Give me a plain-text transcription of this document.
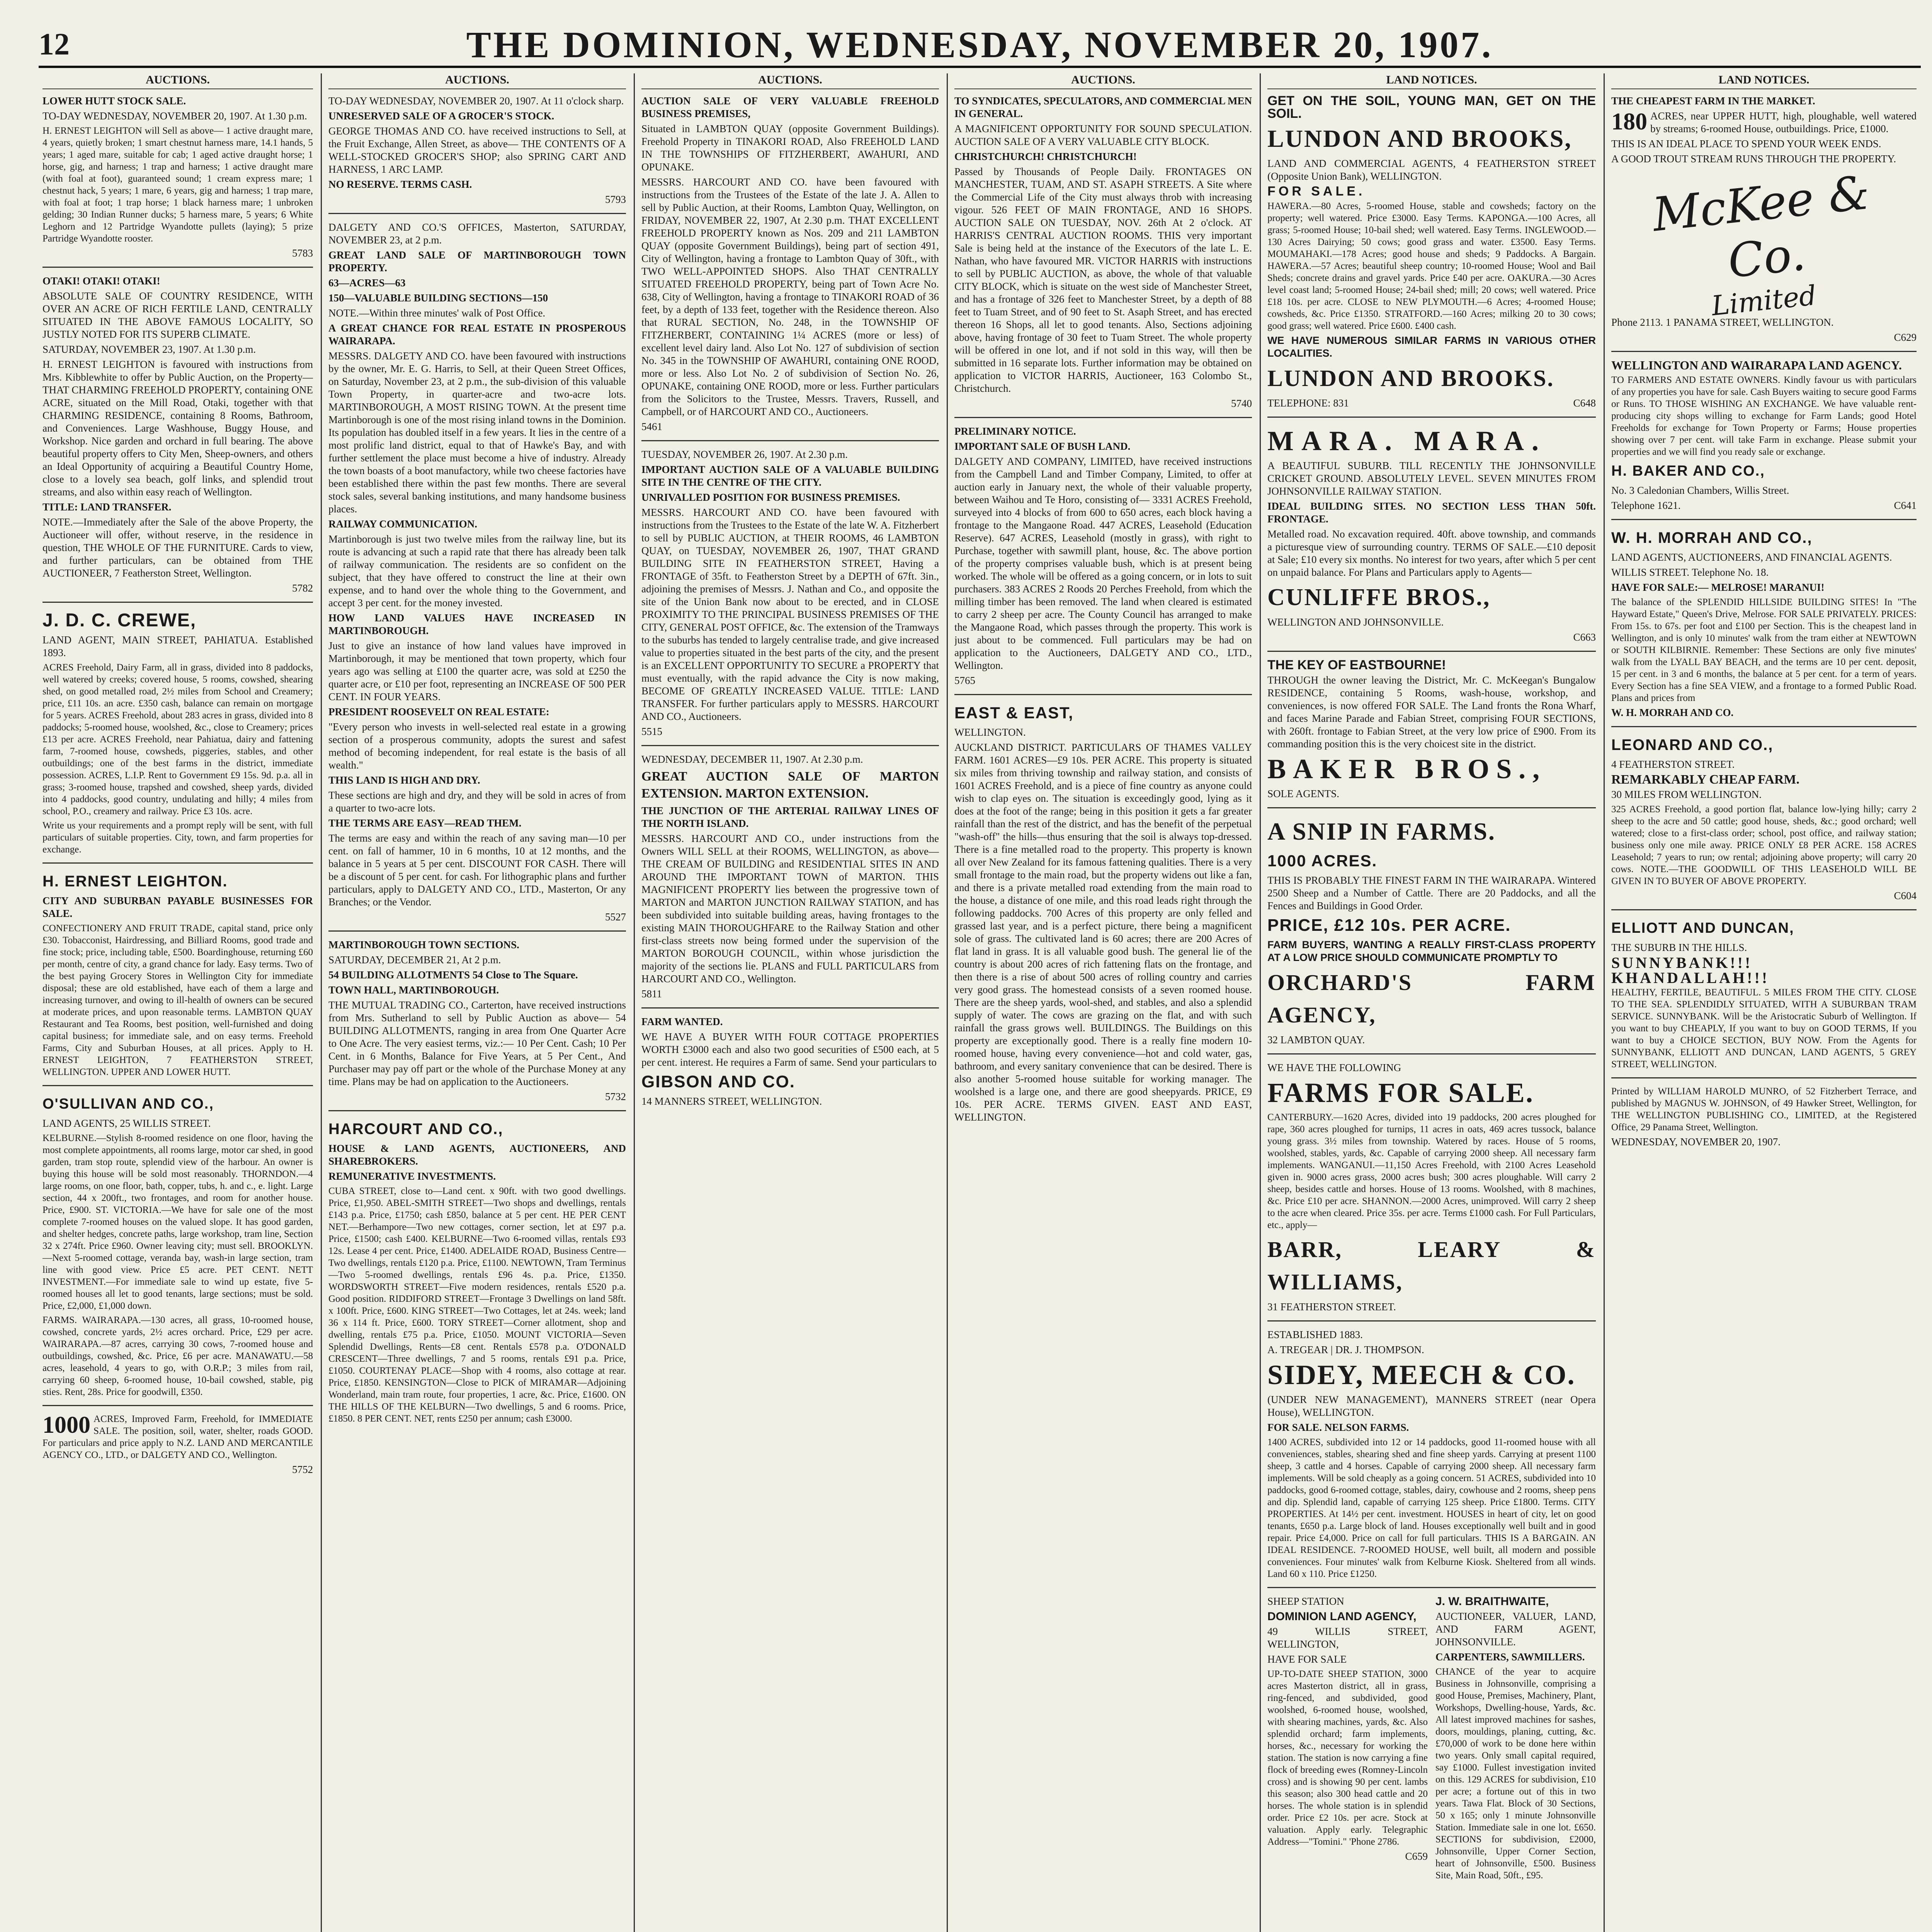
12	THE DOMINION, WEDNESDAY, NOVEMBER 20, 1907.
AUCTIONS.

LOWER HUTT STOCK SALE.

TO-DAY WEDNESDAY, NOVEMBER 20, 1907. At 1.30 p.m.

H. ERNEST LEIGHTON will Sell as above— 1 active draught mare, 4 years, quietly broken; 1 smart chestnut harness mare, 14.1 hands, 5 years; 1 aged mare, suitable for cab; 1 aged active draught horse; 1 horse, gig, and harness; 1 trap and harness; 1 active draught mare (with foal at foot), guaranteed sound; 1 cream express mare; 1 chestnut hack, 5 years; 1 mare, 6 years, gig and harness; 1 trap mare, with foal at foot; 1 trap horse; 1 black harness mare; 1 unbroken gelding; 30 Indian Runner ducks; 5 harness mare, 5 years; 6 White Leghorn and 12 Partridge Wyandotte pullets (laying); 5 prize Partridge Wyandotte rooster.

5783

OTAKI! OTAKI! OTAKI!

ABSOLUTE SALE OF COUNTRY RESIDENCE, WITH OVER AN ACRE OF RICH FERTILE LAND, CENTRALLY SITUATED IN THE ABOVE FAMOUS LOCALITY, SO JUSTLY NOTED FOR ITS SUPERB CLIMATE.

SATURDAY, NOVEMBER 23, 1907. At 1.30 p.m.

H. ERNEST LEIGHTON is favoured with instructions from Mrs. Kibblewhite to offer by Public Auction, on the Property— THAT CHARMING FREEHOLD PROPERTY, containing ONE ACRE, situated on the Mill Road, Otaki, together with that CHARMING RESIDENCE, containing 8 Rooms, Bathroom, and Conveniences. Large Washhouse, Buggy House, and Workshop. Nice garden and orchard in full bearing. The above beautiful property offers to City Men, Sheep-owners, and others an Ideal Opportunity of acquiring a Beautiful Country Home, close to a lovely sea beach, golf links, and splendid trout streams, and also within easy reach of Wellington.

TITLE: LAND TRANSFER.

NOTE.—Immediately after the Sale of the above Property, the Auctioneer will offer, without reserve, in the residence in question, THE WHOLE OF THE FURNITURE. Cards to view, and further particulars, can be obtained from THE AUCTIONEER, 7 Featherston Street, Wellington.

5782

J. D. C. CREWE,

LAND AGENT, MAIN STREET, PAHIATUA. Established 1893.

ACRES Freehold, Dairy Farm, all in grass, divided into 8 paddocks, well watered by creeks; covered house, 5 rooms, cowshed, shearing shed, on good metalled road, 2½ miles from School and Creamery; price, £11 10s. an acre. £350 cash, balance can remain on mortgage for 5 years. ACRES Freehold, about 283 acres in grass, divided into 8 paddocks; 5-roomed house, woolshed, &c., close to Creamery; prices £13 per acre. ACRES Freehold, near Pahiatua, dairy and fattening farm, 7-roomed house, cowsheds, piggeries, stables, and other outbuildings; one of the best farms in the district, immediate possession. ACRES, L.I.P. Rent to Government £9 15s. 9d. p.a. all in grass; 3-roomed house, trapshed and cowshed, sheep yards, divided into 4 paddocks, good country, undulating and hilly; 4 miles from school, P.O., creamery and railway. Price £3 10s. acre.

Write us your requirements and a prompt reply will be sent, with full particulars of suitable properties. City, town, and farm properties for exchange.

H. ERNEST LEIGHTON.

CITY AND SUBURBAN PAYABLE BUSINESSES FOR SALE.

CONFECTIONERY AND FRUIT TRADE, capital stand, price only £30. Tobacconist, Hairdressing, and Billiard Rooms, good trade and fine stock; price, including table, £500. Boardinghouse, returning £60 per month, centre of city, a grand chance for lady. Easy terms. Two of the best paying Grocery Stores in Wellington City for immediate disposal; these are old established, have each of them a large and increasing turnover, and owing to ill-health of owners can be secured at moderate prices, and upon reasonable terms. LAMBTON QUAY Restaurant and Tea Rooms, best position, well-furnished and doing capital business; for immediate sale, and on easy terms. Freehold Farms, City and Suburban Houses, at all prices. Apply to H. ERNEST LEIGHTON, 7 FEATHERSTON STREET, WELLINGTON. UPPER AND LOWER HUTT.

O'SULLIVAN AND CO.,

LAND AGENTS, 25 WILLIS STREET.

KELBURNE.—Stylish 8-roomed residence on one floor, having the most complete appointments, all rooms large, motor car shed, in good garden, tram stop route, splendid view of the harbour. An owner is buying this house will be sold most reasonably. THORNDON.—4 large rooms, on one floor, bath, copper, tubs, h. and c., e. light. Large section, 44 x 200ft., two frontages, and room for another house. Price, £900. ST. VICTORIA.—We have for sale one of the most complete 7-roomed houses on the valued slope. It has good garden, and shelter hedges, concrete paths, large workshop, tram line, Section 32 x 274ft. Price £960. Owner leaving city; must sell. BROOKLYN.—Next 5-roomed cottage, veranda bay, wash-in large section, tram line with good view. Price £5 acre. PET CENT. NETT INVESTMENT.—For immediate sale to wind up estate, five 5-roomed houses all let to good tenants, large sections; must be sold. Price, £2,000, £1,000 down.

FARMS. WAIRARAPA.—130 acres, all grass, 10-roomed house, cowshed, concrete yards, 2½ acres orchard. Price, £29 per acre. WAIRARAPA.—87 acres, carrying 30 cows, 7-roomed house and outbuildings, cowshed, &c. Price, £6 per acre. MANAWATU.—58 acres, leasehold, 4 years to go, with O.R.P.; 3 miles from rail, carrying 60 sheep, 6-roomed house, 10-bail cowshed, stable, pig sties. Rent, 28s. Price for goodwill, £350.

1000 ACRES, Improved Farm, Freehold, for IMMEDIATE SALE. The position, soil, water, shelter, roads GOOD. For particulars and price apply to N.Z. LAND AND MERCANTILE AGENCY CO., LTD., or DALGETY AND CO., Wellington.

5752

AUCTIONS.

TO-DAY WEDNESDAY, NOVEMBER 20, 1907. At 11 o'clock sharp.

UNRESERVED SALE OF A GROCER'S STOCK.

GEORGE THOMAS AND CO. have received instructions to Sell, at the Fruit Exchange, Allen Street, as above— THE CONTENTS OF A WELL-STOCKED GROCER'S SHOP; also SPRING CART AND HARNESS, 1 ARC LAMP.

NO RESERVE. TERMS CASH.

5793

DALGETY AND CO.'S OFFICES, Masterton, SATURDAY, NOVEMBER 23, at 2 p.m.

GREAT LAND SALE OF MARTINBOROUGH TOWN PROPERTY.

63—ACRES—63

150—VALUABLE BUILDING SECTIONS—150

NOTE.—Within three minutes' walk of Post Office.

A GREAT CHANCE FOR REAL ESTATE IN PROSPEROUS WAIRARAPA.

MESSRS. DALGETY AND CO. have been favoured with instructions by the owner, Mr. E. G. Harris, to Sell, at their Queen Street Offices, on Saturday, November 23, at 2 p.m., the sub-division of this valuable Town Property, in quarter-acre and two-acre lots. MARTINBOROUGH, A MOST RISING TOWN. At the present time Martinborough is one of the most rising inland towns in the Dominion. Its population has doubled itself in a few years. It lies in the centre of a most prolific land district, equal to that of Hawke's Bay, and with further settlement the place must become a hive of industry. Already the town boasts of a boot manufactory, while two cheese factories have been established there within the past few months. There are several stock sales, several banking institutions, and many handsome business places.

RAILWAY COMMUNICATION.

Martinborough is just two twelve miles from the railway line, but its route is advancing at such a rapid rate that there has already been talk of railway communication. The residents are so confident on the subject, that they have offered to construct the line at their own expense, and to hand over the whole thing to the Government, and accept 3 per cent. for the money invested.

HOW LAND VALUES HAVE INCREASED IN MARTINBOROUGH.

Just to give an instance of how land values have improved in Martinborough, it may be mentioned that town property, which four years ago was selling at £100 the quarter acre, was sold at £250 the quarter acre, or £10 per foot, representing an INCREASE OF 500 PER CENT. IN FOUR YEARS.

PRESIDENT ROOSEVELT ON REAL ESTATE:

"Every person who invests in well-selected real estate in a growing section of a prosperous community, adopts the surest and safest method of becoming independent, for real estate is the basis of all wealth."

THIS LAND IS HIGH AND DRY.

These sections are high and dry, and they will be sold in acres of from a quarter to two-acre lots.

THE TERMS ARE EASY—READ THEM.

The terms are easy and within the reach of any saving man—10 per cent. on fall of hammer, 10 in 6 months, 10 at 12 months, and the balance in 5 years at 5 per cent. DISCOUNT FOR CASH. There will be a discount of 5 per cent. for cash. For lithographic plans and further particulars, apply to DALGETY AND CO., LTD., Masterton, Or any Branches; or the Vendor.

5527

MARTINBOROUGH TOWN SECTIONS.

SATURDAY, DECEMBER 21, At 2 p.m.

54 BUILDING ALLOTMENTS 54 Close to The Square.

TOWN HALL, MARTINBOROUGH.

THE MUTUAL TRADING CO., Carterton, have received instructions from Mrs. Sutherland to sell by Public Auction as above— 54 BUILDING ALLOTMENTS, ranging in area from One Quarter Acre to One Acre. The very easiest terms, viz.:— 10 Per Cent. Cash; 10 Per Cent. in 6 Months, Balance for Five Years, at 5 Per Cent., And Purchaser may pay off part or the whole of the Purchase Money at any time. Plans may be had on application to the Auctioneers.

5732

HARCOURT AND CO.,

HOUSE & LAND AGENTS, AUCTIONEERS, AND SHAREBROKERS.

REMUNERATIVE INVESTMENTS.

CUBA STREET, close to—Land cent. x 90ft. with two good dwellings. Price, £1,950. ABEL-SMITH STREET—Two shops and dwellings, rentals £143 p.a. Price, £1750; cash £850, balance at 5 per cent. HE PER CENT NET.—Berhampore—Two new cottages, corner section, let at £97 p.a. Price, £1500; cash £400. KELBURNE—Two 6-roomed villas, rentals £93 12s. Lease 4 per cent. Price, £1400. ADELAIDE ROAD, Business Centre—Two dwellings, rentals £120 p.a. Price, £1100. NEWTOWN, Tram Terminus—Two 5-roomed dwellings, rentals £96 4s. p.a. Price, £1350. WORDSWORTH STREET—Five modern residences, rentals £520 p.a. Good position. RIDDIFORD STREET—Frontage 3 Dwellings on land 58ft. x 100ft. Price, £600. KING STREET—Two Cottages, let at 24s. week; land 36 x 114 ft. Price, £600. TORY STREET—Corner allotment, shop and dwelling, rentals £75 p.a. Price, £1050. MOUNT VICTORIA—Seven Splendid Dwellings, Rents—£8 cent. Rentals £578 p.a. O'DONALD CRESCENT—Three dwellings, 7 and 5 rooms, rentals £91 p.a. Price, £1050. COURTENAY PLACE—Shop with 4 rooms, also cottage at rear. Price, £1850. KENSINGTON—Close to PICK of MIRAMAR—Adjoining Wonderland, main tram route, four properties, 1 acre, &c. Price, £1600. ON THE HILLS OF THE KELBURN—Two dwellings, 5 and 6 rooms. Price, £1850. 8 PER CENT. NET, rents £250 per annum; cash £3000.

AUCTIONS.

AUCTION SALE OF VERY VALUABLE FREEHOLD BUSINESS PREMISES,

Situated in LAMBTON QUAY (opposite Government Buildings). Freehold Property in TINAKORI ROAD, Also FREEHOLD LAND IN THE TOWNSHIPS OF FITZHERBERT, AWAHURI, AND OPUNAKE.

MESSRS. HARCOURT AND CO. have been favoured with instructions from the Trustees of the Estate of the late J. A. Allen to sell by Public Auction, at their Rooms, Lambton Quay, Wellington, on FRIDAY, NOVEMBER 22, 1907, At 2.30 p.m. THAT EXCELLENT FREEHOLD PROPERTY known as Nos. 209 and 211 LAMBTON QUAY (opposite Government Buildings), being part of section 491, City of Wellington, having a frontage to Lambton Quay of 30ft., with TWO WELL-APPOINTED SHOPS. Also THAT CENTRALLY SITUATED FREEHOLD PROPERTY, being part of Town Acre No. 638, City of Wellington, having a frontage to TINAKORI ROAD of 36 feet, by a depth of 133 feet, together with the Residence thereon. Also that RURAL SECTION, No. 248, in the TOWNSHIP OF FITZHERBERT, CONTAINING 1¼ ACRES (more or less) of excellent level dairy land. Also Lot No. 127 of subdivision of section No. 345 in the TOWNSHIP OF AWAHURI, containing ONE ROOD, more or less. Also Lot No. 2 of subdivision of Section No. 26, OPUNAKE, containing ONE ROOD, more or less. Further particulars from the Solicitors to the Trustee, Messrs. Travers, Russell, and Campbell, or of HARCOURT AND CO., Auctioneers.

5461

TUESDAY, NOVEMBER 26, 1907. At 2.30 p.m.

IMPORTANT AUCTION SALE OF A VALUABLE BUILDING SITE IN THE CENTRE OF THE CITY.

UNRIVALLED POSITION FOR BUSINESS PREMISES.

MESSRS. HARCOURT AND CO. have been favoured with instructions from the Trustees to the Estate of the late W. A. Fitzherbert to sell by PUBLIC AUCTION, at THEIR ROOMS, 46 LAMBTON QUAY, on TUESDAY, NOVEMBER 26, 1907, THAT GRAND BUILDING SITE IN FEATHERSTON STREET, Having a FRONTAGE of 35ft. to Featherston Street by a DEPTH of 67ft. 3in., adjoining the premises of Messrs. J. Nathan and Co., and opposite the site of the Union Bank now about to be erected, and in CLOSE PROXIMITY TO THE PRINCIPAL BUSINESS PREMISES OF THE CITY, GENERAL POST OFFICE, &c. The extension of the Tramways to the suburbs has tended to largely centralise trade, and give increased value to properties situated in the best parts of the city, and the present is an EXCELLENT OPPORTUNITY TO SECURE a PROPERTY that must eventually, with the rapid advance the City is now making, BECOME OF GREATLY INCREASED VALUE. TITLE: LAND TRANSFER. For further particulars apply to MESSRS. HARCOURT AND CO., Auctioneers.

5515

WEDNESDAY, DECEMBER 11, 1907. At 2.30 p.m.

GREAT AUCTION SALE OF MARTON EXTENSION. MARTON EXTENSION.

THE JUNCTION OF THE ARTERIAL RAILWAY LINES OF THE NORTH ISLAND.

MESSRS. HARCOURT AND CO., under instructions from the Owners WILL SELL at their ROOMS, WELLINGTON, as above— THE CREAM OF BUILDING and RESIDENTIAL SITES IN AND AROUND THE IMPORTANT TOWN of MARTON. THIS MAGNIFICENT PROPERTY lies between the progressive town of MARTON and MARTON JUNCTION RAILWAY STATION, and has been subdivided into suitable building areas, having frontages to the existing MAIN THOROUGHFARE to the Railway Station and other first-class streets now being formed under the supervision of the MARTON BOROUGH COUNCIL, within whose jurisdiction the majority of the sections lie. PLANS and FULL PARTICULARS from HARCOURT AND CO., Wellington.

5811

FARM WANTED.

WE HAVE A BUYER WITH FOUR COTTAGE PROPERTIES WORTH £3000 each and also two good securities of £500 each, at 5 per cent. interest. He requires a Farm of same. Send your particulars to

GIBSON AND CO.

14 MANNERS STREET, WELLINGTON.

AUCTIONS.

TO SYNDICATES, SPECULATORS, AND COMMERCIAL MEN IN GENERAL.

A MAGNIFICENT OPPORTUNITY FOR SOUND SPECULATION. AUCTION SALE OF A VERY VALUABLE CITY BLOCK.

CHRISTCHURCH! CHRISTCHURCH!

Passed by Thousands of People Daily. FRONTAGES ON MANCHESTER, TUAM, AND ST. ASAPH STREETS. A Site where the Commercial Life of the City must always throb with increasing vigour. 526 FEET OF MAIN FRONTAGE, AND 16 SHOPS. AUCTION SALE ON TUESDAY, NOV. 26th At 2 o'clock. AT HARRIS'S CENTRAL AUCTION ROOMS. THIS very important Sale is being held at the instance of the Executors of the late L. E. Nathan, who have favoured MR. VICTOR HARRIS with instructions to sell by PUBLIC AUCTION, as above, the whole of that valuable CITY BLOCK, which is situate on the west side of Manchester Street, and has a frontage of 326 feet to Manchester Street, by a depth of 88 feet to Tuam Street, and of 90 feet to St. Asaph Street, and has erected thereon 16 Shops, all let to good tenants. Also, Sections adjoining above, having frontage of 30 feet to Tuam Street. The whole property will be offered in one lot, and if not sold in this way, will then be submitted in 16 separate lots. Further information may be obtained on application to VICTOR HARRIS, Auctioneer, 163 Colombo St., Christchurch.

5740

PRELIMINARY NOTICE.

IMPORTANT SALE OF BUSH LAND.

DALGETY AND COMPANY, LIMITED, have received instructions from the Campbell Land and Timber Company, Limited, to offer at auction early in January next, the whole of their valuable property, between Waihou and Te Horo, consisting of— 3331 ACRES Freehold, surveyed into 4 blocks of from 600 to 650 acres, each block having a frontage to the Mangaone Road. 447 ACRES, Leasehold (Education Reserve). 647 ACRES, Leasehold (mostly in grass), with right to Purchase, together with sawmill plant, house, &c. The above portion of the property comprises valuable bush, which is at present being worked. The whole will be offered as a going concern, or in lots to suit purchasers. 383 ACRES 2 Roods 20 Perches Freehold, from which the milling timber has been removed. The land when cleared is estimated to carry 2 sheep per acre. The County Council has arranged to make the Mangaone Road, which passes through the property. This work is just about to be commenced. Full particulars may be had on application to the Auctioneers, DALGETY AND CO., LTD., Wellington.

5765

EAST & EAST,

WELLINGTON.

AUCKLAND DISTRICT. PARTICULARS OF THAMES VALLEY FARM. 1601 ACRES—£9 10s. PER ACRE. This property is situated six miles from thriving township and railway station, and consists of 1601 ACRES Freehold, and is a piece of fine country as anyone could wish to clap eyes on. The situation is exceedingly good, lying as it does at the foot of the range; being in this position it gets a far greater rainfall than the rest of the district, and has the benefit of the perpetual "wash-off" the hills—thus ensuring that the soil is always top-dressed. There is a fine metalled road to the property. This property is known all over New Zealand for its famous fattening qualities. There is a very small frontage to the main road, but the property widens out like a fan, and there is a private metalled road extending from the main road to the house, a distance of one mile, and this road leads right through the following paddocks. 700 Acres of this property are only felled and grassed last year, and is a perfect picture, there being a magnificent sole of grass. The cultivated land is 60 acres; there are 200 Acres of flat land in grass. It is all valuable good bush. The general lie of the country is about 200 acres of rich fattening flats on the frontage, and then there is a rise of about 500 acres of rolling country and carries very good grass. The homestead consists of a seven roomed house. There are the sheep yards, wool-shed, and stables, and also a splendid supply of water. The cows are grazing on the flat, and with such rainfall the grass grows well. BUILDINGS. The Buildings on this property are exceptionally good. There is a really fine modern 10-roomed house, having every convenience—hot and cold water, gas, bathroom, and every sanitary convenience that can be desired. There is also another 5-roomed house suitable for working manager. The woolshed is a large one, and there are good sheepyards. PRICE, £9 10s. PER ACRE. TERMS GIVEN. EAST AND EAST, WELLINGTON.

LAND NOTICES.

GET ON THE SOIL, YOUNG MAN, GET ON THE SOIL.

LUNDON AND BROOKS,

LAND AND COMMERCIAL AGENTS, 4 FEATHERSTON STREET (Opposite Union Bank), WELLINGTON.

FOR SALE.

HAWERA.—80 Acres, 5-roomed House, stable and cowsheds; factory on the property; well watered. Price £3000. Easy Terms. KAPONGA.—100 Acres, all grass; 5-roomed House; 10-bail shed; well watered. Easy Terms. INGLEWOOD.—130 Acres Dairying; 50 cows; good grass and water. £3500. Easy Terms. MOUMAHAKI.—178 Acres; good house and sheds; 9 Paddocks. A Bargain. HAWERA.—57 Acres; beautiful sheep country; 10-roomed House; Wool and Bail Sheds; concrete drains and gravel yards. Price £40 per acre. OAKURA.—30 Acres level coast land; 5-roomed House; 24-bail shed; mill; 20 cows; well watered. Price £18 10s. per acre. CLOSE to NEW PLYMOUTH.—6 Acres; 4-roomed House; cowsheds, &c. Price £1350. STRATFORD.—160 Acres; milking 20 to 30 cows; good grass; well watered. Price £600. £400 cash.

WE HAVE NUMEROUS SIMILAR FARMS IN VARIOUS OTHER LOCALITIES.

LUNDON AND BROOKS.

TELEPHONE: 831	C648

MARA. MARA.

A BEAUTIFUL SUBURB. TILL RECENTLY THE JOHNSONVILLE CRICKET GROUND. ABSOLUTELY LEVEL. SEVEN MINUTES FROM JOHNSONVILLE RAILWAY STATION.

IDEAL BUILDING SITES. NO SECTION LESS THAN 50ft. FRONTAGE.

Metalled road. No excavation required. 40ft. above township, and commands a picturesque view of surrounding country. TERMS OF SALE.—£10 deposit at Sale; £10 every six months. No interest for two years, after which 5 per cent on unpaid balance. For Plans and Particulars apply to Agents—

CUNLIFFE BROS.,

WELLINGTON AND JOHNSONVILLE.

C663

THE KEY OF EASTBOURNE!

THROUGH the owner leaving the District, Mr. C. McKeegan's Bungalow RESIDENCE, containing 5 Rooms, wash-house, workshop, and conveniences, is now offered FOR SALE. The Land fronts the Rona Wharf, and faces Marine Parade and Fabian Street, comprising FOUR SECTIONS, with 260ft. frontage to Fabian Street, at the very low price of £900. From its commanding position this is the very choicest site in the district.

BAKER BROS.,

SOLE AGENTS.

A SNIP IN FARMS.

1000 ACRES.

THIS IS PROBABLY THE FINEST FARM IN THE WAIRARAPA. Wintered 2500 Sheep and a Number of Cattle. There are 20 Paddocks, and all the Fences and Buildings in Good Order.

PRICE, £12 10s. PER ACRE.

FARM BUYERS, WANTING A REALLY FIRST-CLASS PROPERTY AT A LOW PRICE SHOULD COMMUNICATE PROMPTLY TO

ORCHARD'S FARM AGENCY,

32 LAMBTON QUAY.

WE HAVE THE FOLLOWING

FARMS FOR SALE.

CANTERBURY.—1620 Acres, divided into 19 paddocks, 200 acres ploughed for rape, 360 acres ploughed for turnips, 11 acres in oats, 469 acres tussock, balance young grass. 3½ miles from township. Watered by races. House of 5 rooms, woolshed, stables, yards, &c. Capable of carrying 2000 sheep. All necessary farm implements. WANGANUI.—11,150 Acres Freehold, with 2100 Acres Leasehold given in. 9000 acres grass, 2000 acres bush; 300 acres ploughable. Will carry 2 sheep, besides cattle and horses. House of 13 rooms. Woolshed, with 8 machines, &c. Price £10 per acre. SHANNON.—2000 Acres, unimproved. Will carry 2 sheep to the acre when cleared. Price 35s. per acre. Terms £1000 cash. For Full Particulars, etc., apply—

BARR, LEARY & WILLIAMS,

31 FEATHERSTON STREET.

ESTABLISHED 1883.

A. TREGEAR | DR. J. THOMPSON.

SIDEY, MEECH & CO.

(UNDER NEW MANAGEMENT), MANNERS STREET (near Opera House), WELLINGTON.

FOR SALE. NELSON FARMS.

1400 ACRES, subdivided into 12 or 14 paddocks, good 11-roomed house with all conveniences, stables, shearing shed and fine sheep yards. Carrying at present 1100 sheep, 3 cattle and 4 horses. Capable of carrying 2000 sheep. All necessary farm implements. Will be sold cheaply as a going concern. 51 ACRES, subdivided into 10 paddocks, good 6-roomed cottage, stables, dairy, cowhouse and 2 rooms, sheep pens and dip. Splendid land, capable of carrying 125 sheep. Price £1800. Terms. CITY PROPERTIES. At 14½ per cent. investment. HOUSES in heart of city, let on good tenants, £650 p.a. Large block of land. Houses exceptionally well built and in good repair. Price £4,000. Price on call for full particulars. THIS IS A BARGAIN. AN IDEAL RESIDENCE. 7-ROOMED HOUSE, well built, all modern and possible conveniences. Four minutes' walk from Kelburne Kiosk. Sheltered from all winds. Land 60 x 110. Price £1250.

SHEEP STATION

DOMINION LAND AGENCY,

49 WILLIS STREET, WELLINGTON,

HAVE FOR SALE

UP-TO-DATE SHEEP STATION, 3000 acres Masterton district, all in grass, ring-fenced, and subdivided, good woolshed, 6-roomed house, woolshed, with shearing machines, yards, &c. Also splendid orchard; farm implements, horses, &c., necessary for working the station. The station is now carrying a fine flock of breeding ewes (Romney-Lincoln cross) and is showing 90 per cent. lambs this season; also 300 head cattle and 20 horses. The whole station is in splendid order. Price £2 10s. per acre. Stock at valuation. Apply early. Telegraphic Address—"Tomini." 'Phone 2786.

C659

J. W. BRAITHWAITE,

AUCTIONEER, VALUER, LAND, AND FARM AGENT, JOHNSONVILLE.

CARPENTERS, SAWMILLERS.

CHANCE of the year to acquire Business in Johnsonville, comprising a good House, Premises, Machinery, Plant, Workshops, Dwelling-house, Yards, &c. All latest improved machines for sashes, doors, mouldings, planing, cutting, &c. £70,000 of work to be done here within two years. Only small capital required, say £1000. Fullest investigation invited on this. 129 ACRES for subdivision, £10 per acre; a fortune out of this in two years. Tawa Flat. Block of 30 Sections, 50 x 165; only 1 minute Johnsonville Station. Immediate sale in one lot. £650. SECTIONS for subdivision, £2000, Johnsonville, Upper Corner Section, heart of Johnsonville, £500. Business Site, Main Road, 50ft., £95.

LAND NOTICES.

THE CHEAPEST FARM IN THE MARKET.

180 ACRES, near UPPER HUTT, high, ploughable, well watered by streams; 6-roomed House, outbuildings. Price, £1000.

THIS IS AN IDEAL PLACE TO SPEND YOUR WEEK ENDS.

A GOOD TROUT STREAM RUNS THROUGH THE PROPERTY.

McKee & Co.
Limited

Phone 2113. 1 PANAMA STREET, WELLINGTON.

C629

WELLINGTON AND WAIRARAPA LAND AGENCY.

TO FARMERS AND ESTATE OWNERS. Kindly favour us with particulars of any properties you have for sale. Cash Buyers waiting to secure good Farms or Runs. TO THOSE WISHING AN EXCHANGE. We have valuable rent-producing city shops willing to exchange for Farm Lands; good Hotel Freeholds for exchange for Town Property or Farms; House properties showing over 7 per cent. will take Farm in exchange. Please submit your properties and we will find you ready sale or exchange.

H. BAKER AND CO.,

No. 3 Caledonian Chambers, Willis Street.

Telephone 1621.	C641

W. H. MORRAH AND CO.,

LAND AGENTS, AUCTIONEERS, AND FINANCIAL AGENTS.

WILLIS STREET. Telephone No. 18.

HAVE FOR SALE:— MELROSE! MARANUI!

The balance of the SPLENDID HILLSIDE BUILDING SITES! In "The Hayward Estate," Queen's Drive, Melrose. FOR SALE PRIVATELY. PRICES: From 15s. to 67s. per foot and £100 per Section. This is the cheapest land in Wellington, and is only 10 minutes' walk from the tram either at NEWTOWN or SOUTH KILBIRNIE. Remember: These Sections are only five minutes' walk from the LYALL BAY BEACH, and the terms are 10 per cent. deposit, 15 per cent. in 3 and 6 months, the balance at 5 per cent. for a term of years. Every Section has a fine SEA VIEW, and a frontage to a formed Public Road. Plans and prices from

W. H. MORRAH AND CO.

LEONARD AND CO.,

4 FEATHERSTON STREET.

REMARKABLY CHEAP FARM.

30 MILES FROM WELLINGTON.

325 ACRES Freehold, a good portion flat, balance low-lying hilly; carry 2 sheep to the acre and 50 cattle; good house, sheds, &c.; good orchard; well watered; close to a first-class order; school, post office, and railway station; business only one mile away. PRICE ONLY £8 PER ACRE. 158 ACRES Leasehold; 7 years to run; ow rental; adjoining above property; will carry 20 cows. NOTE.—THE GOODWILL OF THIS LEASEHOLD WILL BE GIVEN IN TO BUYER OF ABOVE PROPERTY.

C604

ELLIOTT AND DUNCAN,

THE SUBURB IN THE HILLS.

SUNNYBANK!!!

KHANDALLAH!!!

HEALTHY, FERTILE, BEAUTIFUL. 5 MILES FROM THE CITY. CLOSE TO THE SEA. SPLENDIDLY SITUATED, WITH A SUBURBAN TRAM SERVICE. SUNNYBANK. Will be the Aristocratic Suburb of Wellington. If you want to buy CHEAPLY, If you want to buy on GOOD TERMS, If you want to buy a CHOICE SECTION, BUY NOW. From the Agents for SUNNYBANK, ELLIOTT AND DUNCAN, LAND AGENTS, 5 GREY STREET, WELLINGTON.

Printed by WILLIAM HAROLD MUNRO, of 52 Fitzherbert Terrace, and published by MAGNUS W. JOHNSON, of 49 Hawker Street, Wellington, for THE WELLINGTON PUBLISHING CO., LIMITED, at the Registered Office, 29 Panama Street, Wellington.

WEDNESDAY, NOVEMBER 20, 1907.
